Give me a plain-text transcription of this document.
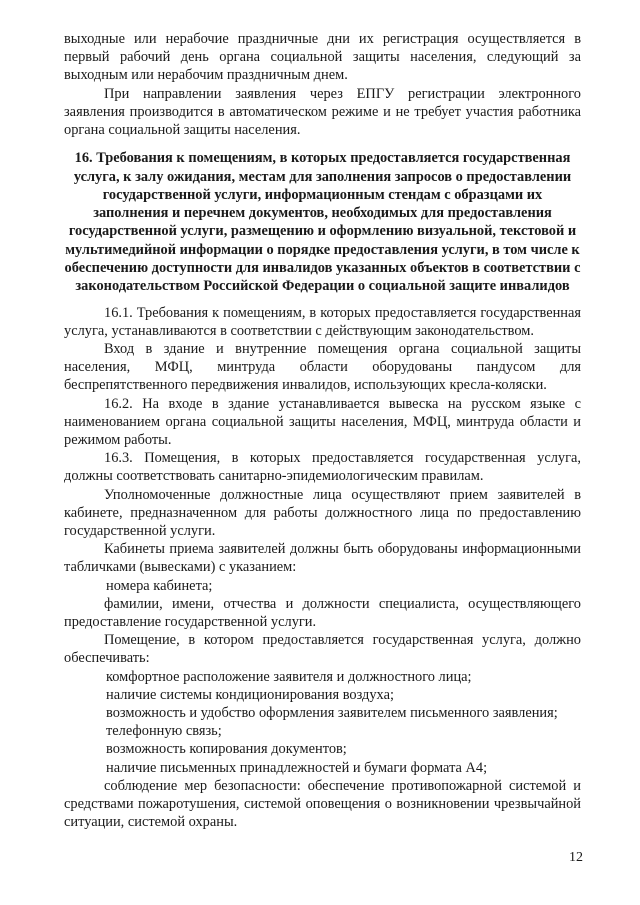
выходные или нерабочие праздничные дни их регистрация осуществляется в первый рабочий день органа социальной защиты населения, следующий за выходным или нерабочим праздничным днем.

При направлении заявления через ЕПГУ регистрации электронного заявления производится в автоматическом режиме и не требует участия работника органа социальной защиты населения.

16. Требования к помещениям, в которых предоставляется государственная услуга, к залу ожидания, местам для заполнения запросов о предоставлении государственной услуги, информационным стендам с образцами их заполнения и перечнем документов, необходимых для предоставления государственной услуги, размещению и оформлению визуальной, текстовой и мультимедийной информации о порядке предоставления услуги, в том числе к обеспечению доступности для инвалидов указанных объектов в соответствии с законодательством Российской Федерации о социальной защите инвалидов

16.1. Требования к помещениям, в которых предоставляется государственная услуга, устанавливаются в соответствии с действующим законодательством.

Вход в здание и внутренние помещения органа социальной защиты населения, МФЦ, минтруда области оборудованы пандусом для беспрепятственного передвижения инвалидов, использующих кресла-коляски.

16.2. На входе в здание устанавливается вывеска на русском языке с наименованием органа социальной защиты населения, МФЦ, минтруда области и режимом работы.

16.3. Помещения, в которых предоставляется государственная услуга, должны соответствовать санитарно-эпидемиологическим правилам.

Уполномоченные должностные лица осуществляют прием заявителей в кабинете, предназначенном для работы должностного лица по предоставлению государственной услуги.

Кабинеты приема заявителей должны быть оборудованы информационными табличками (вывесками) с указанием:

номера кабинета;

фамилии, имени, отчества и должности специалиста, осуществляющего предоставление государственной услуги.

Помещение, в котором предоставляется государственная услуга, должно обеспечивать:

комфортное расположение заявителя и должностного лица;

наличие системы кондиционирования воздуха;

возможность и удобство оформления заявителем письменного заявления;

телефонную связь;

возможность копирования документов;

наличие письменных принадлежностей и бумаги формата А4;

соблюдение мер безопасности: обеспечение противопожарной системой и средствами пожаротушения, системой оповещения о возникновении чрезвычайной ситуации, системой охраны.

12
